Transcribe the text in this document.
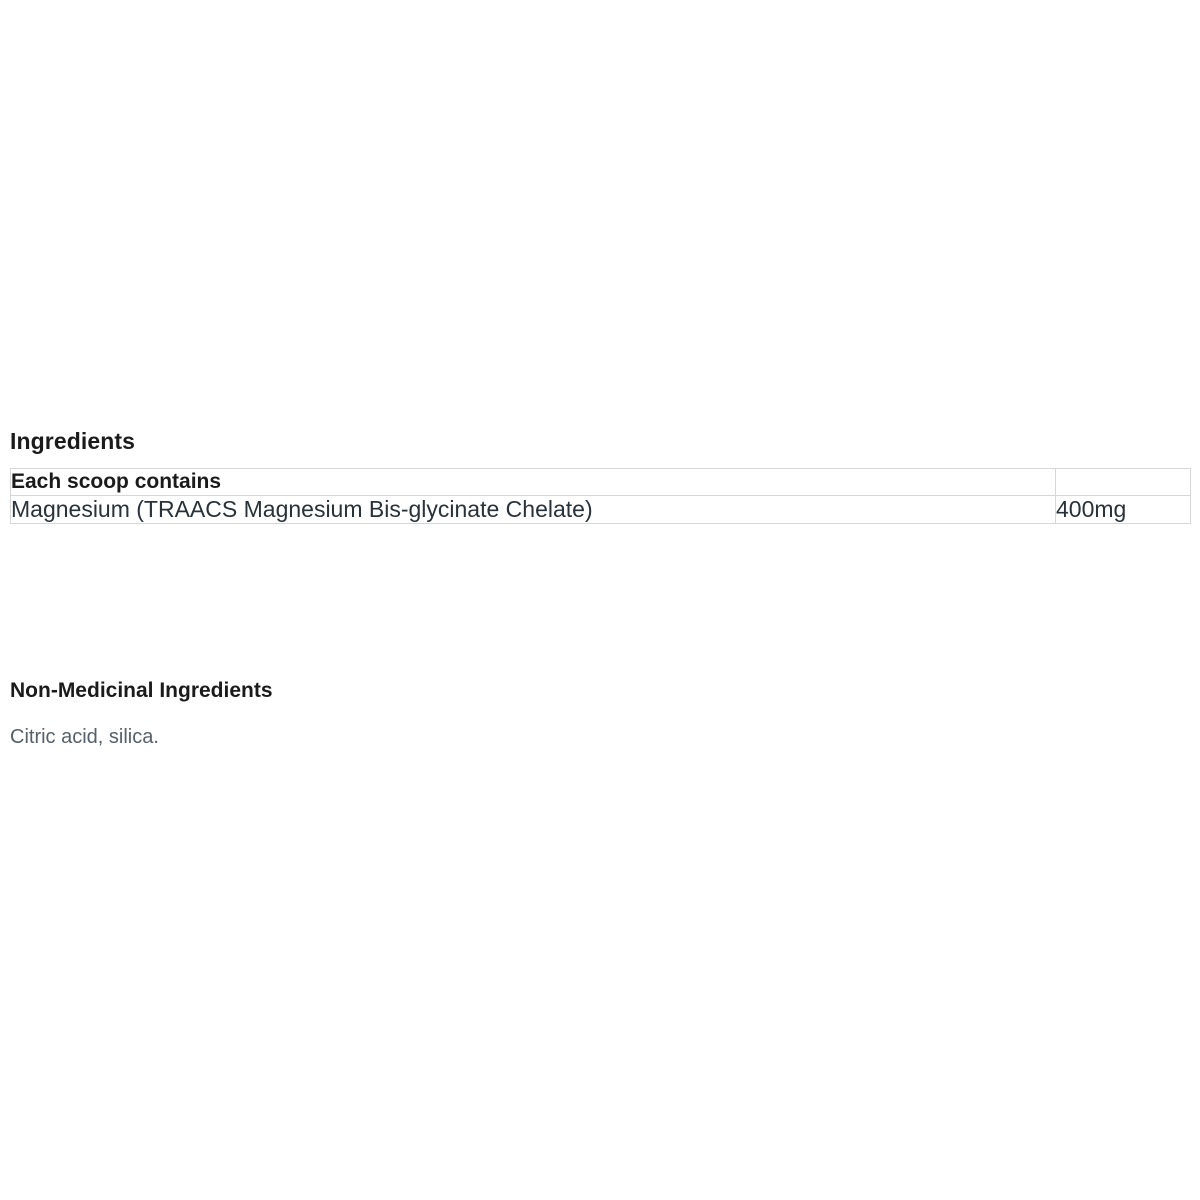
Ingredients
Each scoop contains	
Magnesium (TRAACS Magnesium Bis-glycinate Chelate)	400mg
Non-Medicinal Ingredients

Citric acid, silica.
